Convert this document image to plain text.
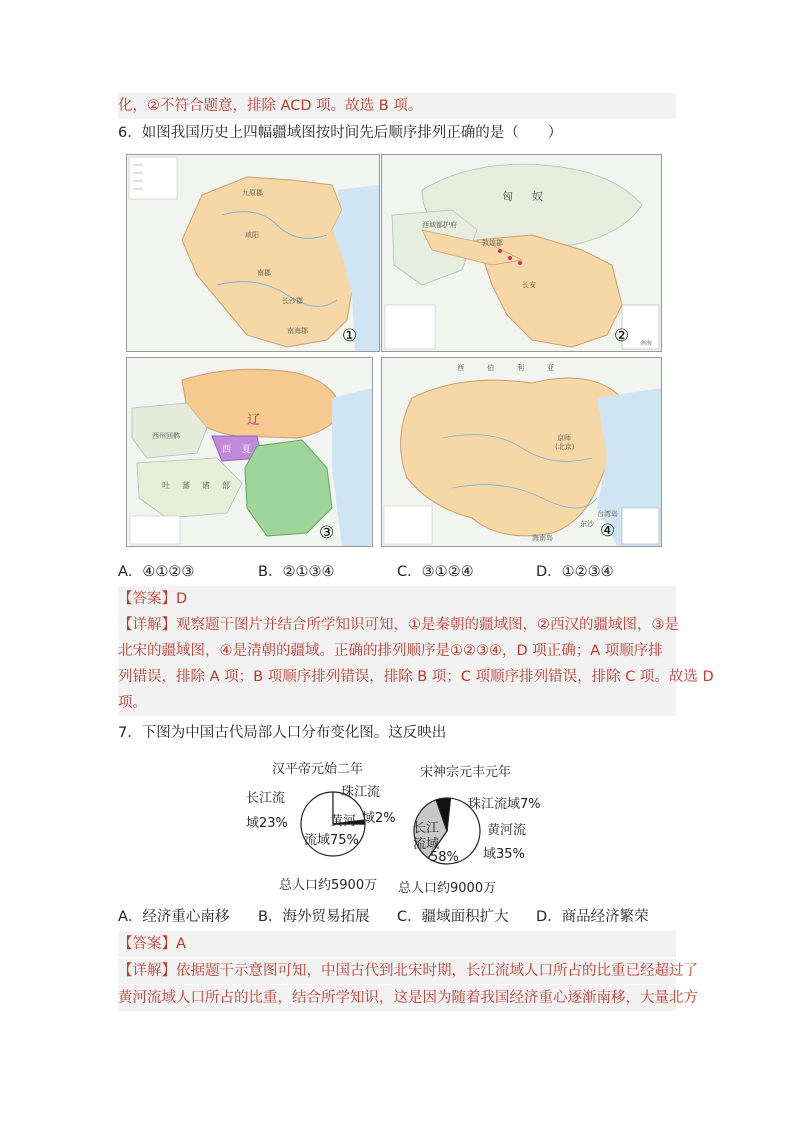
化，②不符合题意，排除 ACD 项。故选 B 项。
6．如图我国历史上四幅疆域图按时间先后顺序排列正确的是（　　）
九原郡
咸阳
南郡
长沙郡
南海郡 ①
匈 奴
西域都护府
敦煌郡
长安
南海
②
辽
西 夏
西州回鹘
吐 蕃 诸 部
③
西	伯	利	亚
京师
(北京)
台湾岛
东沙
海南岛	④
A．④①②③	B．②①③④	C．③①②④	D．①②③④
【答案】D
【详解】观察题干图片并结合所学知识可知，①是秦朝的疆域图，②西汉的疆域图，③是
北宋的疆域图，④是清朝的疆域。正确的排列顺序是①②③④，D 项正确；A 项顺序排
列错误，排除 A 项；B 项顺序排列错误，排除 B 项；C 项顺序排列错误，排除 C 项。故选 D
项。
7．下图为中国古代局部人口分布变化图。这反映出
汉平帝元始二年
长江流
域23%
珠江流
黄河 域2%
流域75%
总人口约5900万
宋神宗元丰元年
珠江流域7%
长江
流域
黄河流
域35%
58%
总人口约9000万
A．经济重心南移 B．海外贸易拓展 C．疆域面积扩大 D．商品经济繁荣
【答案】A
【详解】依据题干示意图可知，中国古代到北宋时期，长江流域人口所占的比重已经超过了
黄河流域人口所占的比重，结合所学知识，这是因为随着我国经济重心逐渐南移，大量北方
